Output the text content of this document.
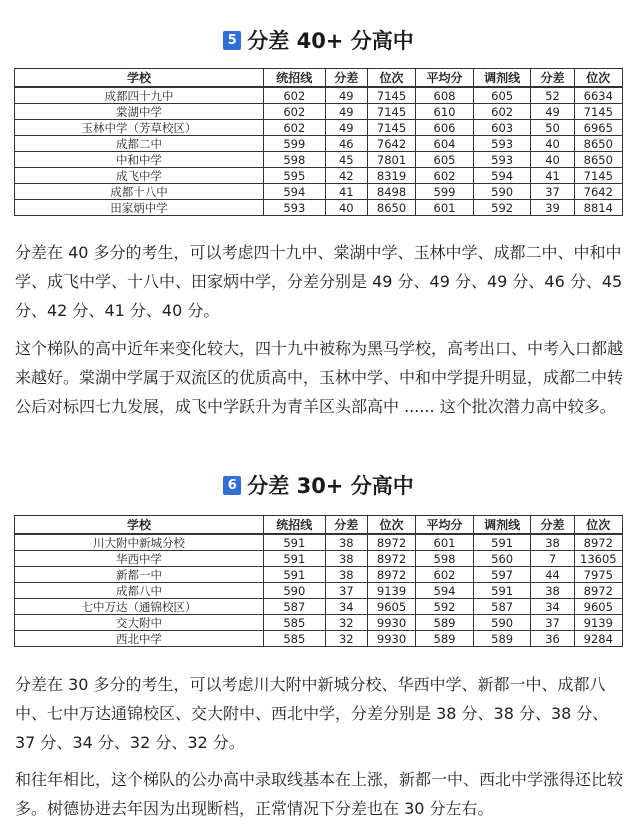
5 分差 40+ 分高中
学校	统招线	分差	位次	平均分	调剂线	分差	位次
成都四十九中	602	49	7145	608	605	52	6634
棠湖中学	602	49	7145	610	602	49	7145
玉林中学（芳草校区）	602	49	7145	606	603	50	6965
成都二中	599	46	7642	604	593	40	8650
中和中学	598	45	7801	605	593	40	8650
成飞中学	595	42	8319	602	594	41	7145
成都十八中	594	41	8498	599	590	37	7642
田家炳中学	593	40	8650	601	592	39	8814

分差在 40 多分的考生，可以考虑四十九中、棠湖中学、玉林中学、成都二中、中和中学、成飞中学、十八中、田家炳中学，分差分别是 49 分、49 分、49 分、46 分、45 分、42 分、41 分、40 分。

这个梯队的高中近年来变化较大，四十九中被称为黑马学校，高考出口、中考入口都越来越好。棠湖中学属于双流区的优质高中，玉林中学、中和中学提升明显，成都二中转公后对标四七九发展，成飞中学跃升为青羊区头部高中 ...... 这个批次潜力高中较多。

6 分差 30+ 分高中
学校	统招线	分差	位次	平均分	调剂线	分差	位次
川大附中新城分校	591	38	8972	601	591	38	8972
华西中学	591	38	8972	598	560	7	13605
新都一中	591	38	8972	602	597	44	7975
成都八中	590	37	9139	594	591	38	8972
七中万达（通锦校区）	587	34	9605	592	587	34	9605
交大附中	585	32	9930	589	590	37	9139
西北中学	585	32	9930	589	589	36	9284

分差在 30 多分的考生，可以考虑川大附中新城分校、华西中学、新都一中、成都八中、七中万达通锦校区、交大附中、西北中学，分差分别是 38 分、38 分、38 分、37 分、34 分、32 分、32 分。

和往年相比，这个梯队的公办高中录取线基本在上涨，新都一中、西北中学涨得还比较多。树德协进去年因为出现断档，正常情况下分差也在 30 分左右。
